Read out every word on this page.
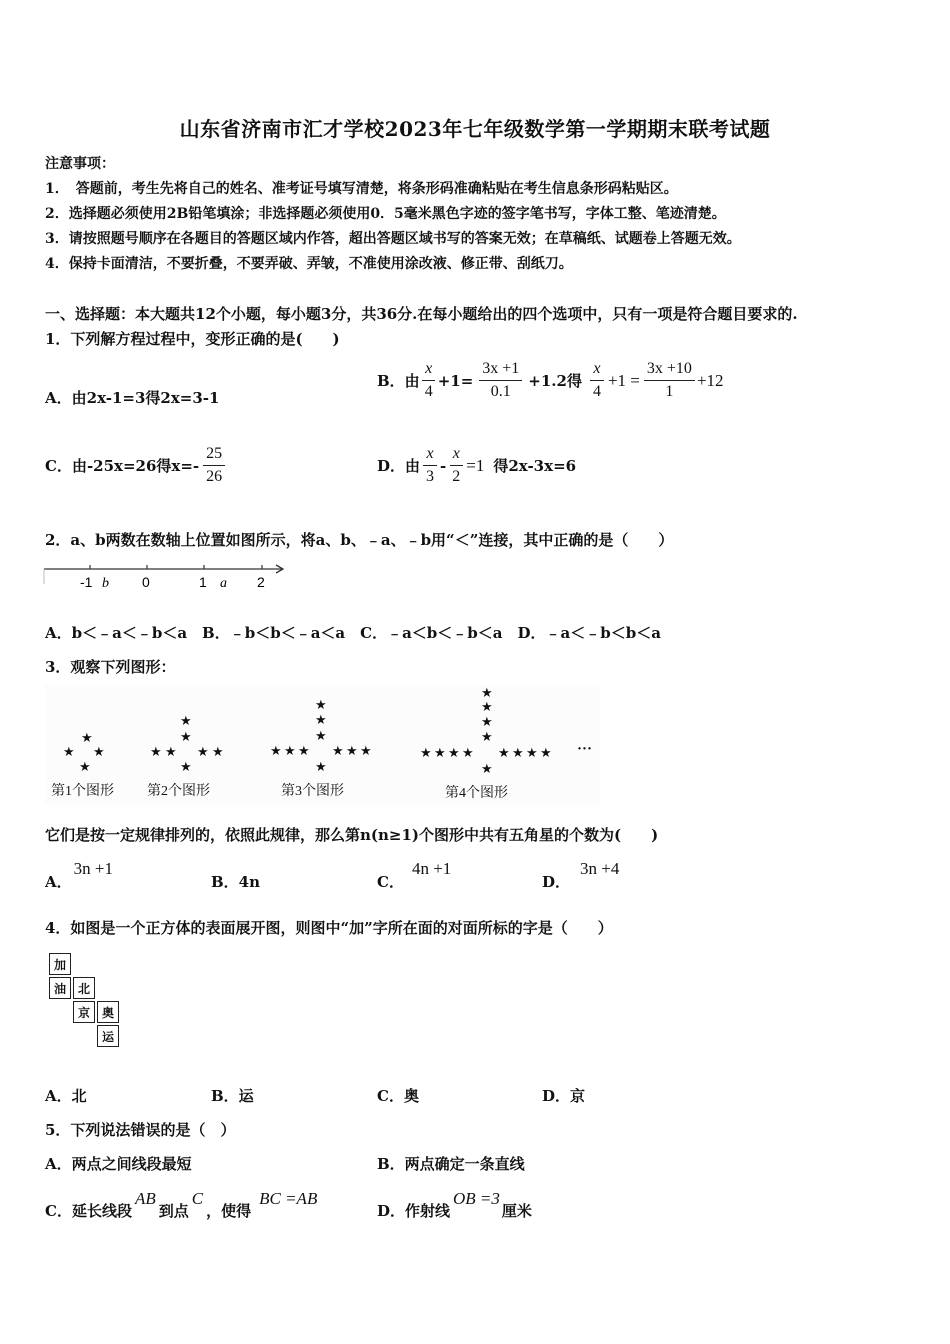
山东省济南市汇才学校2023年七年级数学第一学期期末联考试题
注意事项：
1．　答题前，考生先将自己的姓名、准考证号填写清楚，将条形码准确粘贴在考生信息条形码粘贴区。
2．选择题必须使用2B铅笔填涂；非选择题必须使用0．5毫米黑色字迹的签字笔书写，字体工整、笔迹清楚。
3．请按照题号顺序在各题目的答题区域内作答，超出答题区域书写的答案无效；在草稿纸、试题卷上答题无效。
4．保持卡面清洁，不要折叠，不要弄破、弄皱，不准使用涂改液、修正带、刮纸刀。
一、选择题：本大题共12个小题，每小题3分，共36分.在每小题给出的四个选项中，只有一项是符合题目要求的.
1．下列解方程过程中，变形正确的是(　　)
A．由2x-1=3得2x=3-1
B．由 $\frac{x}{4} +1= \frac{3x +1}{0.1} +1.2$得 $\frac{x}{4} +1 = \frac{3x +10}{1} +12$
C．由-25x=26得$x=- \frac{25}{26}$	D．由 $\frac{x}{3} - \frac{x}{2} =1$ 得2x-3x=6
2．a、b两数在数轴上位置如图所示，将a、b、﹣a、﹣b用“＜”连接，其中正确的是（　　）
-1 b 0	1 a 2
A．b＜﹣a＜﹣b＜a　B．﹣b＜b＜﹣a＜a　C．﹣a＜b＜﹣b＜a　D．﹣a＜﹣b＜b＜a
3．观察下列图形：
★
★ ★
★
第1个图形
★
★
★ ★ ★ ★
★
第2个图形
★
★
★
★ ★ ★ ★ ★ ★
★
第3个图形
★
★
★
★
★ ★ ★ ★ ★ ★ ★ ★
★
第4个图形
···
它们是按一定规律排列的，依照此规律，那么第n(n≥1)个图形中共有五角星的个数为(　　)
A．3n +1
B．4n	C．4n +1
D．3n +4
4．如图是一个正方体的表面展开图，则图中“加”字所在面的对面所标的字是（　　）
加
油 北
京 奥
运
A．北	B．运	C．奥	D．京
5．下列说法错误的是（　）
A．两点之间线段最短	B．两点确定一条直线
C．延长线段AB到点C，使得BC =AB
D．作射线OB =3厘米
